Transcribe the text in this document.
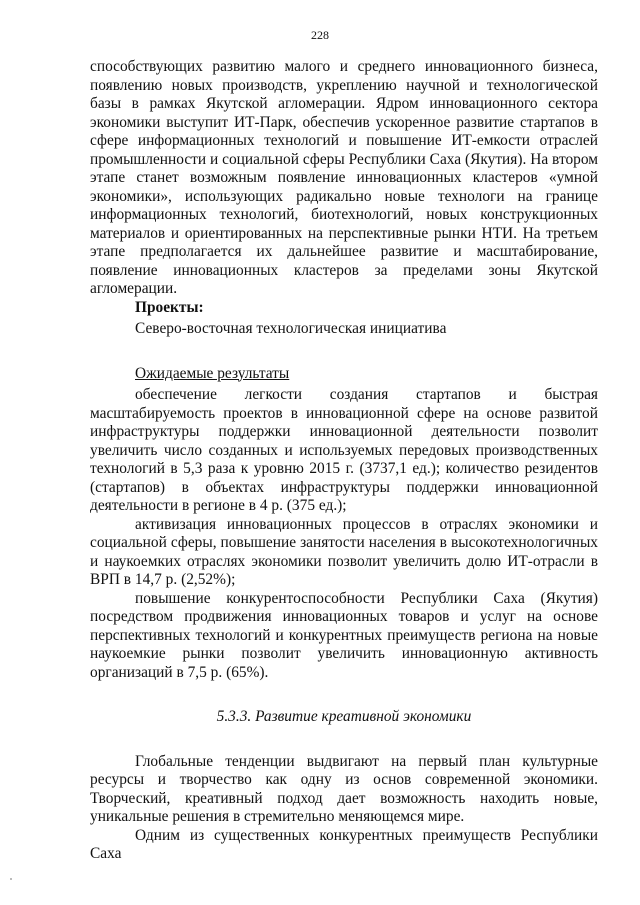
228

способствующих развитию малого и среднего инновационного бизнеса, появлению новых производств, укреплению научной и технологической базы в рамках Якутской агломерации. Ядром инновационного сектора экономики выступит ИТ-Парк, обеспечив ускоренное развитие стартапов в сфере информационных технологий и повышение ИТ-емкости отраслей промышленности и социальной сферы Республики Саха (Якутия). На втором этапе станет возможным появление инновационных кластеров «умной экономики», использующих радикально новые технологи на границе информационных технологий, биотехнологий, новых конструкционных материалов и ориентированных на перспективные рынки НТИ. На третьем этапе предполагается их дальнейшее развитие и масштабирование, появление инновационных кластеров за пределами зоны Якутской агломерации.

Проекты:

Северо-восточная технологическая инициатива

Ожидаемые результаты

обеспечение легкости создания стартапов и быстрая масштабируемость проектов в инновационной сфере на основе развитой инфраструктуры поддержки инновационной деятельности позволит увеличить число созданных и используемых передовых производственных технологий в 5,3 раза к уровню 2015 г. (3737,1 ед.); количество резидентов (стартапов) в объектах инфраструктуры поддержки инновационной деятельности в регионе в 4 р. (375 ед.);

активизация инновационных процессов в отраслях экономики и социальной сферы, повышение занятости населения в высокотехнологичных и наукоемких отраслях экономики позволит увеличить долю ИТ-отрасли в ВРП в 14,7 р. (2,52%);

повышение конкурентоспособности Республики Саха (Якутия) посредством продвижения инновационных товаров и услуг на основе перспективных технологий и конкурентных преимуществ региона на новые наукоемкие рынки позволит увеличить инновационную активность организаций в 7,5 р. (65%).

5.3.3. Развитие креативной экономики

Глобальные тенденции выдвигают на первый план культурные ресурсы и творчество как одну из основ современной экономики. Творческий, креативный подход дает возможность находить новые, уникальные решения в стремительно меняющемся мире.

Одним из существенных конкурентных преимуществ Республики Саха
